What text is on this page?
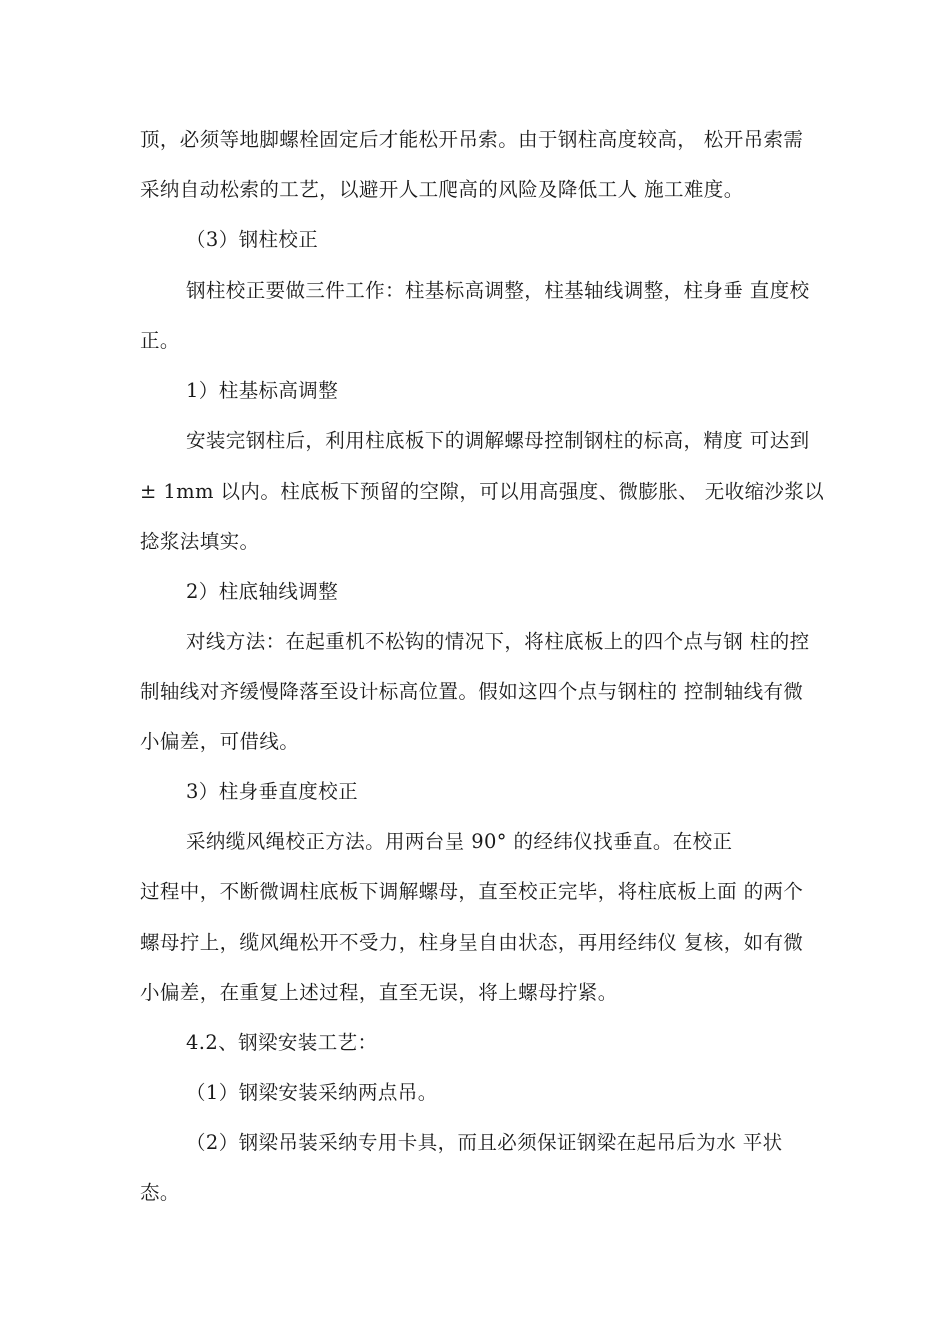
顶，必须等地脚螺栓固定后才能松开吊索。由于钢柱高度较高， 松开吊索需
采纳自动松索的工艺，以避开人工爬高的风险及降低工人 施工难度。
（3）钢柱校正
钢柱校正要做三件工作：柱基标高调整，柱基轴线调整，柱身垂 直度校
正。
1）柱基标高调整
安装完钢柱后，利用柱底板下的调解螺母控制钢柱的标高，精度 可达到
± 1mm 以内。柱底板下预留的空隙，可以用高强度、微膨胀、 无收缩沙浆以
捻浆法填实。
2）柱底轴线调整
对线方法：在起重机不松钩的情况下，将柱底板上的四个点与钢 柱的控
制轴线对齐缓慢降落至设计标高位置。假如这四个点与钢柱的 控制轴线有微
小偏差，可借线。
3）柱身垂直度校正
采纳缆风绳校正方法。用两台呈 90° 的经纬仪找垂直。在校正
过程中，不断微调柱底板下调解螺母，直至校正完毕，将柱底板上面 的两个
螺母拧上，缆风绳松开不受力，柱身呈自由状态，再用经纬仪 复核，如有微
小偏差，在重复上述过程，直至无误，将上螺母拧紧。
4.2、钢梁安装工艺：
（1）钢梁安装采纳两点吊。
（2）钢梁吊装采纳专用卡具，而且必须保证钢梁在起吊后为水 平状
态。
